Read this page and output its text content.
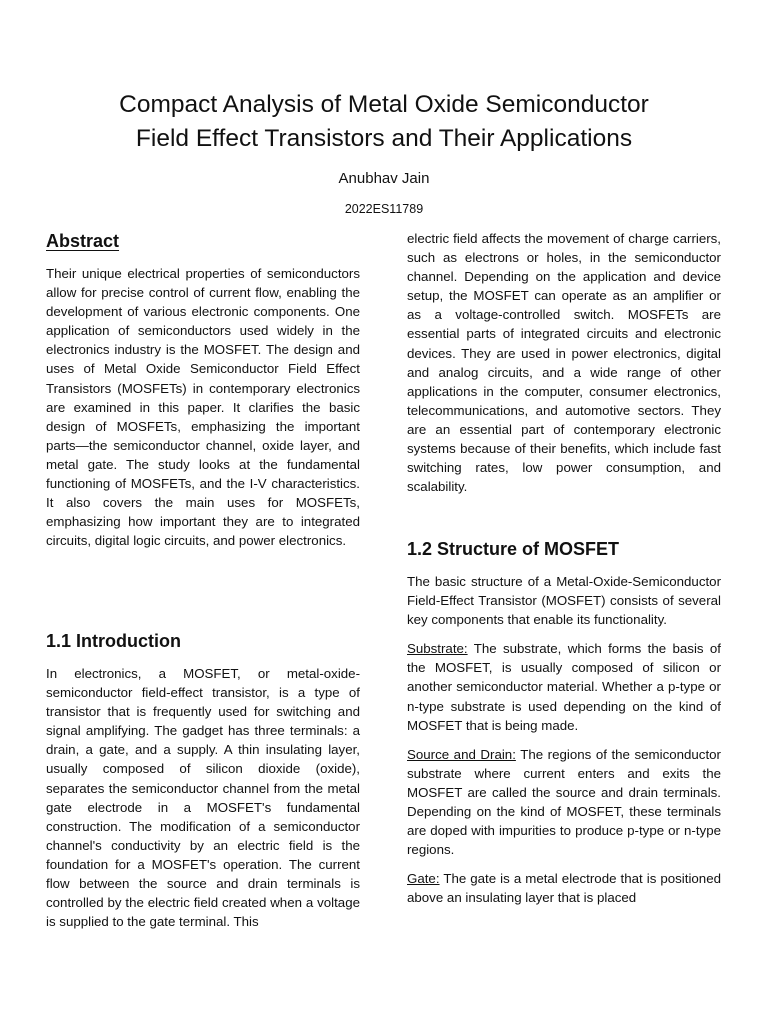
Compact Analysis of Metal Oxide Semiconductor
Field Effect Transistors and Their Applications
Anubhav Jain
2022ES11789
Abstract

Their unique electrical properties of semiconductors allow for precise control of current flow, enabling the development of various electronic components. One application of semiconductors used widely in the electronics industry is the MOSFET. The design and uses of Metal Oxide Semiconductor Field Effect Transistors (MOSFETs) in contemporary electronics are examined in this paper. It clarifies the basic design of MOSFETs, emphasizing the important parts—the semiconductor channel, oxide layer, and metal gate. The study looks at the fundamental functioning of MOSFETs, and the I-V characteristics. It also covers the main uses for MOSFETs, emphasizing how important they are to integrated circuits, digital logic circuits, and power electronics.

1.1 Introduction

In electronics, a MOSFET, or metal-oxide-semiconductor field-effect transistor, is a type of transistor that is frequently used for switching and signal amplifying. The gadget has three terminals: a drain, a gate, and a supply. A thin insulating layer, usually composed of silicon dioxide (oxide), separates the semiconductor channel from the metal gate electrode in a MOSFET's fundamental construction. The modification of a semiconductor channel's conductivity by an electric field is the foundation for a MOSFET's operation. The current flow between the source and drain terminals is controlled by the electric field created when a voltage is supplied to the gate terminal. This

electric field affects the movement of charge carriers, such as electrons or holes, in the semiconductor channel. Depending on the application and device setup, the MOSFET can operate as an amplifier or as a voltage-controlled switch. MOSFETs are essential parts of integrated circuits and electronic devices. They are used in power electronics, digital and analog circuits, and a wide range of other applications in the computer, consumer electronics, telecommunications, and automotive sectors. They are an essential part of contemporary electronic systems because of their benefits, which include fast switching rates, low power consumption, and scalability.

1.2 Structure of MOSFET

The basic structure of a Metal-Oxide-Semiconductor Field-Effect Transistor (MOSFET) consists of several key components that enable its functionality.

Substrate: The substrate, which forms the basis of the MOSFET, is usually composed of silicon or another semiconductor material. Whether a p-type or n-type substrate is used depending on the kind of MOSFET that is being made.

Source and Drain: The regions of the semiconductor substrate where current enters and exits the MOSFET are called the source and drain terminals. Depending on the kind of MOSFET, these terminals are doped with impurities to produce p-type or n-type regions.

Gate: The gate is a metal electrode that is positioned above an insulating layer that is placed
